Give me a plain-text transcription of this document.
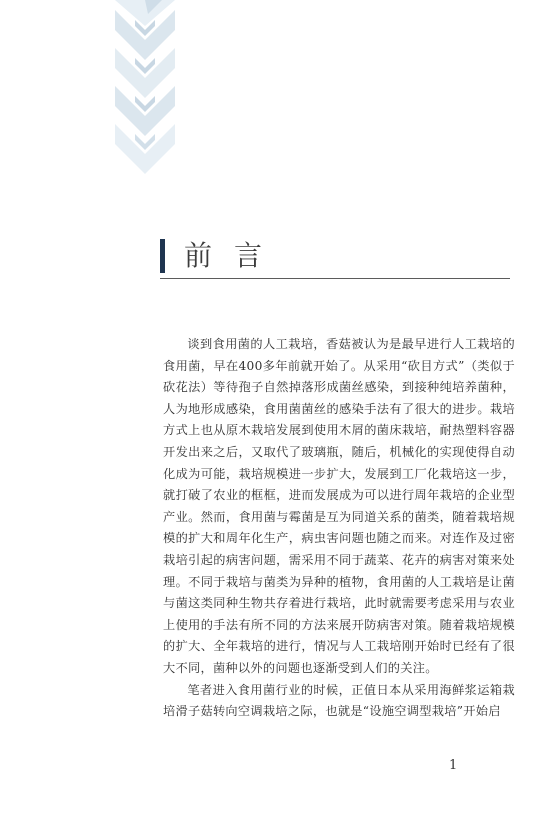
前言

谈到食用菌的人工栽培，香菇被认为是最早进行人工栽培的食用菌，早在400多年前就开始了。从采用“砍目方式”（类似于砍花法）等待孢子自然掉落形成菌丝感染，到接种纯培养菌种，人为地形成感染，食用菌菌丝的感染手法有了很大的进步。栽培方式上也从原木栽培发展到使用木屑的菌床栽培，耐热塑料容器开发出来之后，又取代了玻璃瓶，随后，机械化的实现使得自动化成为可能，栽培规模进一步扩大，发展到工厂化栽培这一步，就打破了农业的框框，进而发展成为可以进行周年栽培的企业型产业。然而，食用菌与霉菌是互为同道关系的菌类，随着栽培规模的扩大和周年化生产，病虫害问题也随之而来。对连作及过密栽培引起的病害问题，需采用不同于蔬菜、花卉的病害对策来处理。不同于栽培与菌类为异种的植物，食用菌的人工栽培是让菌与菌这类同种生物共存着进行栽培，此时就需要考虑采用与农业上使用的手法有所不同的方法来展开防病害对策。随着栽培规模的扩大、全年栽培的进行，情况与人工栽培刚开始时已经有了很大不同，菌种以外的问题也逐渐受到人们的关注。

笔者进入食用菌行业的时候，正值日本从采用海鲜浆运箱栽培滑子菇转向空调栽培之际，也就是“设施空调型栽培”开始启

1
